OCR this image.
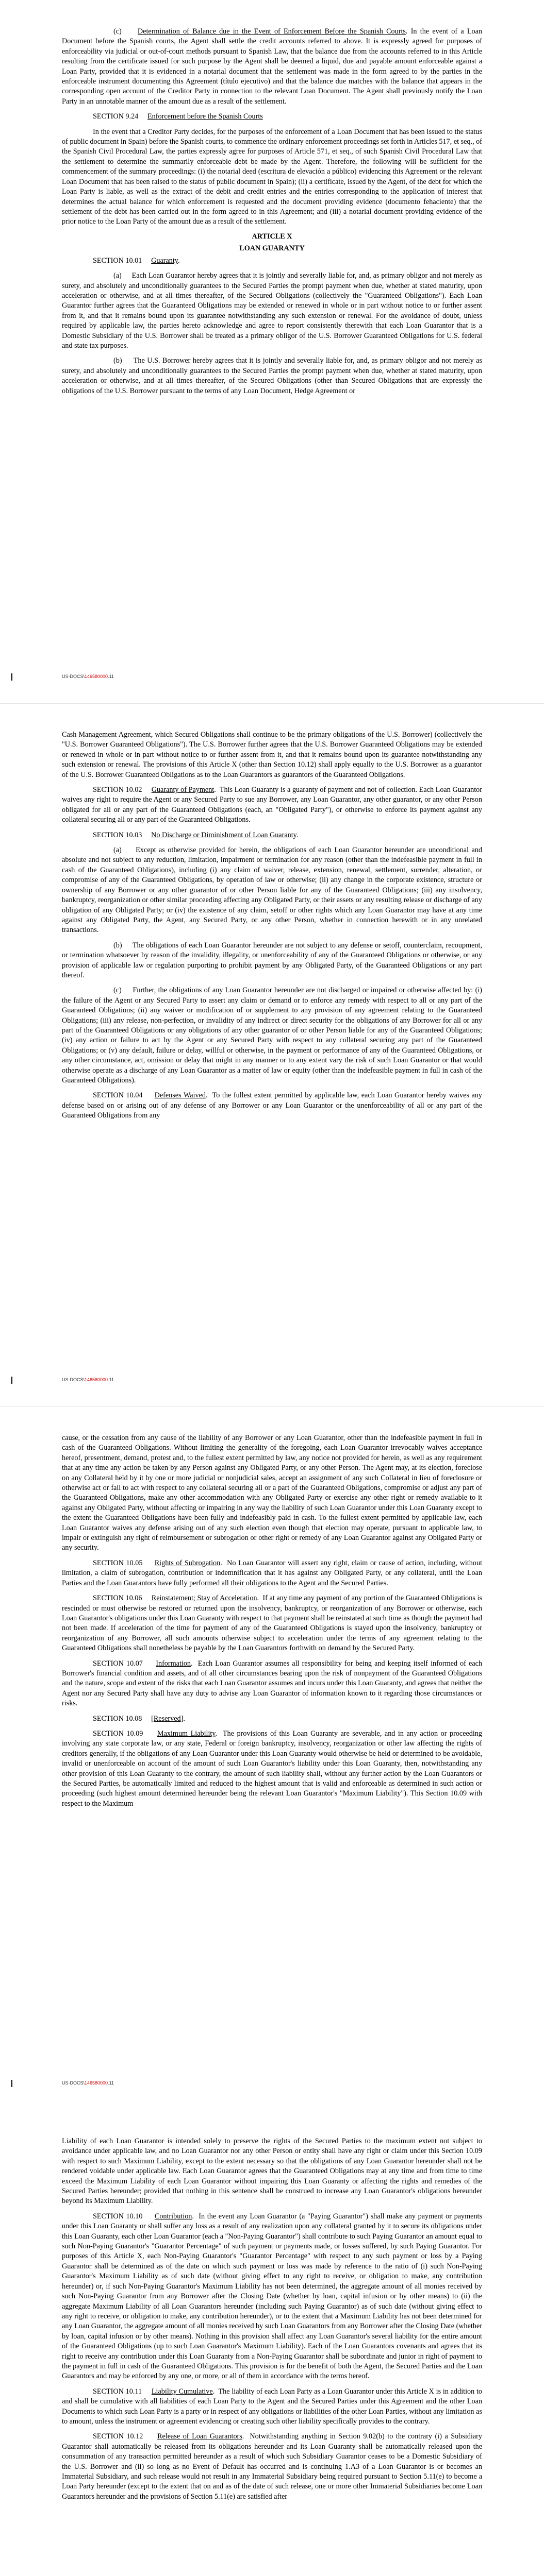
(c) Determination of Balance due in the Event of Enforcement Before the Spanish Courts. In the event of a Loan Document before the Spanish courts, the Agent shall settle the credit accounts referred to above. It is expressly agreed for purposes of enforceability via judicial or out-of-court methods pursuant to Spanish Law, that the balance due from the accounts referred to in this Article resulting from the certificate issued for such purpose by the Agent shall be deemed a liquid, due and payable amount enforceable against a Loan Party, provided that it is evidenced in a notarial document that the settlement was made in the form agreed to by the parties in the enforceable instrument documenting this Agreement (título ejecutivo) and that the balance due matches with the balance that appears in the corresponding open account of the Creditor Party in connection to the relevant Loan Document. The Agent shall previously notify the Loan Party in an unnotable manner of the amount due as a result of the settlement.

SECTION 9.24 Enforcement before the Spanish Courts

In the event that a Creditor Party decides, for the purposes of the enforcement of a Loan Document that has been issued to the status of public document in Spain) before the Spanish courts, to commence the ordinary enforcement proceedings set forth in Articles 517, et seq., of the Spanish Civil Procedural Law, the parties expressly agree for purposes of Article 571, et seq., of such Spanish Civil Procedural Law that the settlement to determine the summarily enforceable debt be made by the Agent. Therefore, the following will be sufficient for the commencement of the summary proceedings: (i) the notarial deed (escritura de elevación a público) evidencing this Agreement or the relevant Loan Document that has been raised to the status of public document in Spain); (ii) a certificate, issued by the Agent, of the debt for which the Loan Party is liable, as well as the extract of the debit and credit entries and the entries corresponding to the application of interest that determines the actual balance for which enforcement is requested and the document providing evidence (documento fehaciente) that the settlement of the debt has been carried out in the form agreed to in this Agreement; and (iii) a notarial document providing evidence of the prior notice to the Loan Party of the amount due as a result of the settlement.

ARTICLE X
LOAN GUARANTY

SECTION 10.01 Guaranty.

(a) Each Loan Guarantor hereby agrees that it is jointly and severally liable for, and, as primary obligor and not merely as surety, and absolutely and unconditionally guarantees to the Secured Parties the prompt payment when due, whether at stated maturity, upon acceleration or otherwise, and at all times thereafter, of the Secured Obligations (collectively the "Guaranteed Obligations"). Each Loan Guarantor further agrees that the Guaranteed Obligations may be extended or renewed in whole or in part without notice to or further assent from it, and that it remains bound upon its guarantee notwithstanding any such extension or renewal. For the avoidance of doubt, unless required by applicable law, the parties hereto acknowledge and agree to report consistently therewith that each Loan Guarantor that is a Domestic Subsidiary of the U.S. Borrower shall be treated as a primary obligor of the U.S. Borrower Guaranteed Obligations for U.S. federal and state tax purposes.

(b) The U.S. Borrower hereby agrees that it is jointly and severally liable for, and, as primary obligor and not merely as surety, and absolutely and unconditionally guarantees to the Secured Parties the prompt payment when due, whether at stated maturity, upon acceleration or otherwise, and at all times thereafter, of the Secured Obligations (other than Secured Obligations that are expressly the obligations of the U.S. Borrower pursuant to the terms of any Loan Document, Hedge Agreement or

US-DOCS\146580000.11

Cash Management Agreement, which Secured Obligations shall continue to be the primary obligations of the U.S. Borrower) (collectively the "U.S. Borrower Guaranteed Obligations"). The U.S. Borrower further agrees that the U.S. Borrower Guaranteed Obligations may be extended or renewed in whole or in part without notice to or further assent from it, and that it remains bound upon its guarantee notwithstanding any such extension or renewal. The provisions of this Article X (other than Section 10.12) shall apply equally to the U.S. Borrower as a guarantor of the U.S. Borrower Guaranteed Obligations as to the Loan Guarantors as guarantors of the Guaranteed Obligations.

SECTION 10.02 Guaranty of Payment.  This Loan Guaranty is a guaranty of payment and not of collection. Each Loan Guarantor waives any right to require the Agent or any Secured Party to sue any Borrower, any Loan Guarantor, any other guarantor, or any other Person obligated for all or any part of the Guaranteed Obligations (each, an "Obligated Party"), or otherwise to enforce its payment against any collateral securing all or any part of the Guaranteed Obligations.

SECTION 10.03 No Discharge or Diminishment of Loan Guaranty.

(a) Except as otherwise provided for herein, the obligations of each Loan Guarantor hereunder are unconditional and absolute and not subject to any reduction, limitation, impairment or termination for any reason (other than the indefeasible payment in full in cash of the Guaranteed Obligations), including (i) any claim of waiver, release, extension, renewal, settlement, surrender, alteration, or compromise of any of the Guaranteed Obligations, by operation of law or otherwise; (ii) any change in the corporate existence, structure or ownership of any Borrower or any other guarantor of or other Person liable for any of the Guaranteed Obligations; (iii) any insolvency, bankruptcy, reorganization or other similar proceeding affecting any Obligated Party, or their assets or any resulting release or discharge of any obligation of any Obligated Party; or (iv) the existence of any claim, setoff or other rights which any Loan Guarantor may have at any time against any Obligated Party, the Agent, any Secured Party, or any other Person, whether in connection herewith or in any unrelated transactions.

(b) The obligations of each Loan Guarantor hereunder are not subject to any defense or setoff, counterclaim, recoupment, or termination whatsoever by reason of the invalidity, illegality, or unenforceability of any of the Guaranteed Obligations or otherwise, or any provision of applicable law or regulation purporting to prohibit payment by any Obligated Party, of the Guaranteed Obligations or any part thereof.

(c) Further, the obligations of any Loan Guarantor hereunder are not discharged or impaired or otherwise affected by: (i) the failure of the Agent or any Secured Party to assert any claim or demand or to enforce any remedy with respect to all or any part of the Guaranteed Obligations; (ii) any waiver or modification of or supplement to any provision of any agreement relating to the Guaranteed Obligations; (iii) any release, non-perfection, or invalidity of any indirect or direct security for the obligations of any Borrower for all or any part of the Guaranteed Obligations or any obligations of any other guarantor of or other Person liable for any of the Guaranteed Obligations; (iv) any action or failure to act by the Agent or any Secured Party with respect to any collateral securing any part of the Guaranteed Obligations; or (v) any default, failure or delay, willful or otherwise, in the payment or performance of any of the Guaranteed Obligations, or any other circumstance, act, omission or delay that might in any manner or to any extent vary the risk of such Loan Guarantor or that would otherwise operate as a discharge of any Loan Guarantor as a matter of law or equity (other than the indefeasible payment in full in cash of the Guaranteed Obligations).

SECTION 10.04 Defenses Waived.  To the fullest extent permitted by applicable law, each Loan Guarantor hereby waives any defense based on or arising out of any defense of any Borrower or any Loan Guarantor or the unenforceability of all or any part of the Guaranteed Obligations from any

US-DOCS\146580000.11

cause, or the cessation from any cause of the liability of any Borrower or any Loan Guarantor, other than the indefeasible payment in full in cash of the Guaranteed Obligations. Without limiting the generality of the foregoing, each Loan Guarantor irrevocably waives acceptance hereof, presentment, demand, protest and, to the fullest extent permitted by law, any notice not provided for herein, as well as any requirement that at any time any action be taken by any Person against any Obligated Party, or any other Person. The Agent may, at its election, foreclose on any Collateral held by it by one or more judicial or nonjudicial sales, accept an assignment of any such Collateral in lieu of foreclosure or otherwise act or fail to act with respect to any collateral securing all or a part of the Guaranteed Obligations, compromise or adjust any part of the Guaranteed Obligations, make any other accommodation with any Obligated Party or exercise any other right or remedy available to it against any Obligated Party, without affecting or impairing in any way the liability of such Loan Guarantor under this Loan Guaranty except to the extent the Guaranteed Obligations have been fully and indefeasibly paid in cash. To the fullest extent permitted by applicable law, each Loan Guarantor waives any defense arising out of any such election even though that election may operate, pursuant to applicable law, to impair or extinguish any right of reimbursement or subrogation or other right or remedy of any Loan Guarantor against any Obligated Party or any security.

SECTION 10.05 Rights of Subrogation.  No Loan Guarantor will assert any right, claim or cause of action, including, without limitation, a claim of subrogation, contribution or indemnification that it has against any Obligated Party, or any collateral, until the Loan Parties and the Loan Guarantors have fully performed all their obligations to the Agent and the Secured Parties.

SECTION 10.06 Reinstatement; Stay of Acceleration.  If at any time any payment of any portion of the Guaranteed Obligations is rescinded or must otherwise be restored or returned upon the insolvency, bankruptcy, or reorganization of any Borrower or otherwise, each Loan Guarantor's obligations under this Loan Guaranty with respect to that payment shall be reinstated at such time as though the payment had not been made. If acceleration of the time for payment of any of the Guaranteed Obligations is stayed upon the insolvency, bankruptcy or reorganization of any Borrower, all such amounts otherwise subject to acceleration under the terms of any agreement relating to the Guaranteed Obligations shall nonetheless be payable by the Loan Guarantors forthwith on demand by the Secured Party.

SECTION 10.07 Information.  Each Loan Guarantor assumes all responsibility for being and keeping itself informed of each Borrower's financial condition and assets, and of all other circumstances bearing upon the risk of nonpayment of the Guaranteed Obligations and the nature, scope and extent of the risks that each Loan Guarantor assumes and incurs under this Loan Guaranty, and agrees that neither the Agent nor any Secured Party shall have any duty to advise any Loan Guarantor of information known to it regarding those circumstances or risks.

SECTION 10.08 [Reserved].

SECTION 10.09 Maximum Liability.  The provisions of this Loan Guaranty are severable, and in any action or proceeding involving any state corporate law, or any state, Federal or foreign bankruptcy, insolvency, reorganization or other law affecting the rights of creditors generally, if the obligations of any Loan Guarantor under this Loan Guaranty would otherwise be held or determined to be avoidable, invalid or unenforceable on account of the amount of such Loan Guarantor's liability under this Loan Guaranty, then, notwithstanding any other provision of this Loan Guaranty to the contrary, the amount of such liability shall, without any further action by the Loan Guarantors or the Secured Parties, be automatically limited and reduced to the highest amount that is valid and enforceable as determined in such action or proceeding (such highest amount determined hereunder being the relevant Loan Guarantor's "Maximum Liability"). This Section 10.09 with respect to the Maximum

US-DOCS\146580000.11

Liability of each Loan Guarantor is intended solely to preserve the rights of the Secured Parties to the maximum extent not subject to avoidance under applicable law, and no Loan Guarantor nor any other Person or entity shall have any right or claim under this Section 10.09 with respect to such Maximum Liability, except to the extent necessary so that the obligations of any Loan Guarantor hereunder shall not be rendered voidable under applicable law. Each Loan Guarantor agrees that the Guaranteed Obligations may at any time and from time to time exceed the Maximum Liability of each Loan Guarantor without impairing this Loan Guaranty or affecting the rights and remedies of the Secured Parties hereunder; provided that nothing in this sentence shall be construed to increase any Loan Guarantor's obligations hereunder beyond its Maximum Liability.

SECTION 10.10 Contribution.  In the event any Loan Guarantor (a "Paying Guarantor") shall make any payment or payments under this Loan Guaranty or shall suffer any loss as a result of any realization upon any collateral granted by it to secure its obligations under this Loan Guaranty, each other Loan Guarantor (each a "Non-Paying Guarantor") shall contribute to such Paying Guarantor an amount equal to such Non-Paying Guarantor's "Guarantor Percentage" of such payment or payments made, or losses suffered, by such Paying Guarantor. For purposes of this Article X, each Non-Paying Guarantor's "Guarantor Percentage" with respect to any such payment or loss by a Paying Guarantor shall be determined as of the date on which such payment or loss was made by reference to the ratio of (i) such Non-Paying Guarantor's Maximum Liability as of such date (without giving effect to any right to receive, or obligation to make, any contribution hereunder) or, if such Non-Paying Guarantor's Maximum Liability has not been determined, the aggregate amount of all monies received by such Non-Paying Guarantor from any Borrower after the Closing Date (whether by loan, capital infusion or by other means) to (ii) the aggregate Maximum Liability of all Loan Guarantors hereunder (including such Paying Guarantor) as of such date (without giving effect to any right to receive, or obligation to make, any contribution hereunder), or to the extent that a Maximum Liability has not been determined for any Loan Guarantor, the aggregate amount of all monies received by such Loan Guarantors from any Borrower after the Closing Date (whether by loan, capital infusion or by other means). Nothing in this provision shall affect any Loan Guarantor's several liability for the entire amount of the Guaranteed Obligations (up to such Loan Guarantor's Maximum Liability). Each of the Loan Guarantors covenants and agrees that its right to receive any contribution under this Loan Guaranty from a Non-Paying Guarantor shall be subordinate and junior in right of payment to the payment in full in cash of the Guaranteed Obligations. This provision is for the benefit of both the Agent, the Secured Parties and the Loan Guarantors and may be enforced by any one, or more, or all of them in accordance with the terms hereof.

SECTION 10.11 Liability Cumulative.  The liability of each Loan Party as a Loan Guarantor under this Article X is in addition to and shall be cumulative with all liabilities of each Loan Party to the Agent and the Secured Parties under this Agreement and the other Loan Documents to which such Loan Party is a party or in respect of any obligations or liabilities of the other Loan Parties, without any limitation as to amount, unless the instrument or agreement evidencing or creating such other liability specifically provides to the contrary.

SECTION 10.12 Release of Loan Guarantors.  Notwithstanding anything in Section 9.02(b) to the contrary (i) a Subsidiary Guarantor shall automatically be released from its obligations hereunder and its Loan Guaranty shall be automatically released upon the consummation of any transaction permitted hereunder as a result of which such Subsidiary Guarantor ceases to be a Domestic Subsidiary of the U.S. Borrower and (ii) so long as no Event of Default has occurred and is continuing 1.A3 of a Loan Guarantor is or becomes an Immaterial Subsidiary, and such release would not result in any Immaterial Subsidiary being required pursuant to Section 5.11(e) to become a Loan Party hereunder (except to the extent that on and as of the date of such release, one or more other Immaterial Subsidiaries become Loan Guarantors hereunder and the provisions of Section 5.11(e) are satisfied after
